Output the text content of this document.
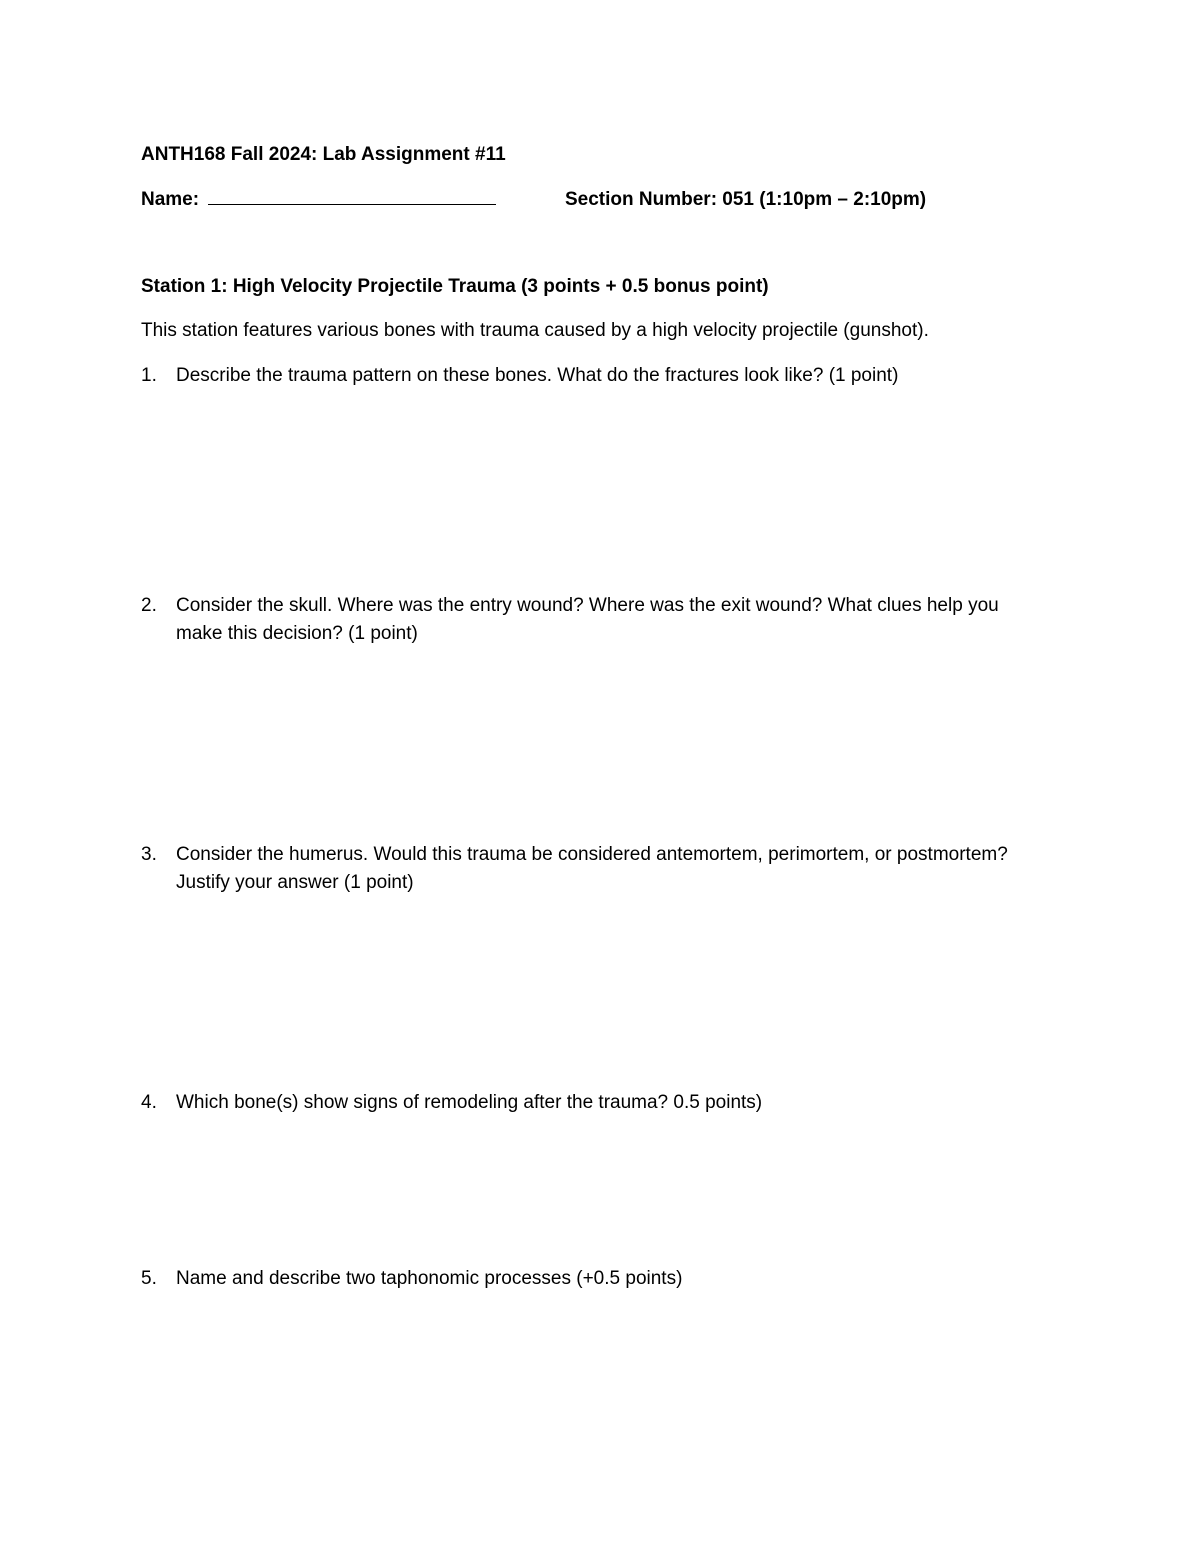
ANTH168 Fall 2024: Lab Assignment #11
Name:	Section Number: 051 (1:10pm – 2:10pm)
Station 1: High Velocity Projectile Trauma (3 points + 0.5 bonus point)
This station features various bones with trauma caused by a high velocity projectile (gunshot).
1.	Describe the trauma pattern on these bones. What do the fractures look like? (1 point)
2.	Consider the skull. Where was the entry wound? Where was the exit wound? What clues help you make this decision? (1 point)
3.	Consider the humerus. Would this trauma be considered antemortem, perimortem, or postmortem? Justify your answer (1 point)
4.	Which bone(s) show signs of remodeling after the trauma? 0.5 points)
5.	Name and describe two taphonomic processes (+0.5 points)
